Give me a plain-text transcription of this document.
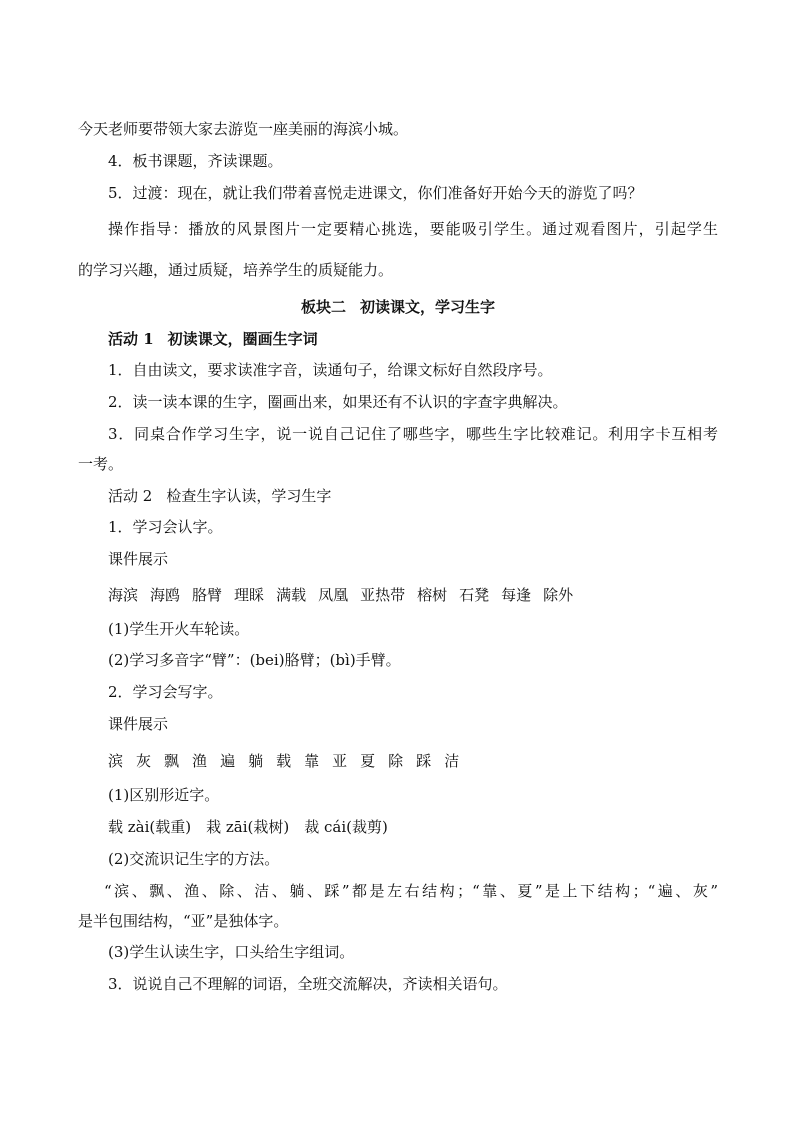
今天老师要带领大家去游览一座美丽的海滨小城。
4．板书课题，齐读课题。
5．过渡：现在，就让我们带着喜悦走进课文，你们准备好开始今天的游览了吗？
操作指导：播放的风景图片一定要精心挑选，要能吸引学生。通过观看图片，引起学生
的学习兴趣，通过质疑，培养学生的质疑能力。
板块二 初读课文，学习生字
活动 1 初读课文，圈画生字词
1．自由读文，要求读准字音，读通句子，给课文标好自然段序号。
2．读一读本课的生字，圈画出来，如果还有不认识的字查字典解决。
3．同桌合作学习生字，说一说自己记住了哪些字，哪些生字比较难记。利用字卡互相考
一考。
活动 2 检查生字认读，学习生字
1．学习会认字。
课件展示
海滨 海鸥 胳臂 理睬 满载 凤凰 亚热带 榕树 石凳 每逢 除外
(1)学生开火车轮读。
(2)学习多音字“臂”：(bei)胳臂；(bì)手臂。
2．学习会写字。
课件展示
滨 灰 飘 渔 遍 躺 载 靠 亚 夏 除 踩 洁
(1)区别形近字。
载 zài(载重)　栽 zāi(栽树)　裁 cái(裁剪)
(2)交流识记生字的方法。
“滨、飘、渔、除、洁、躺、踩”都是左右结构；“靠、夏”是上下结构；“遍、灰”
是半包围结构，“亚”是独体字。
(3)学生认读生字，口头给生字组词。
3．说说自己不理解的词语，全班交流解决，齐读相关语句。
